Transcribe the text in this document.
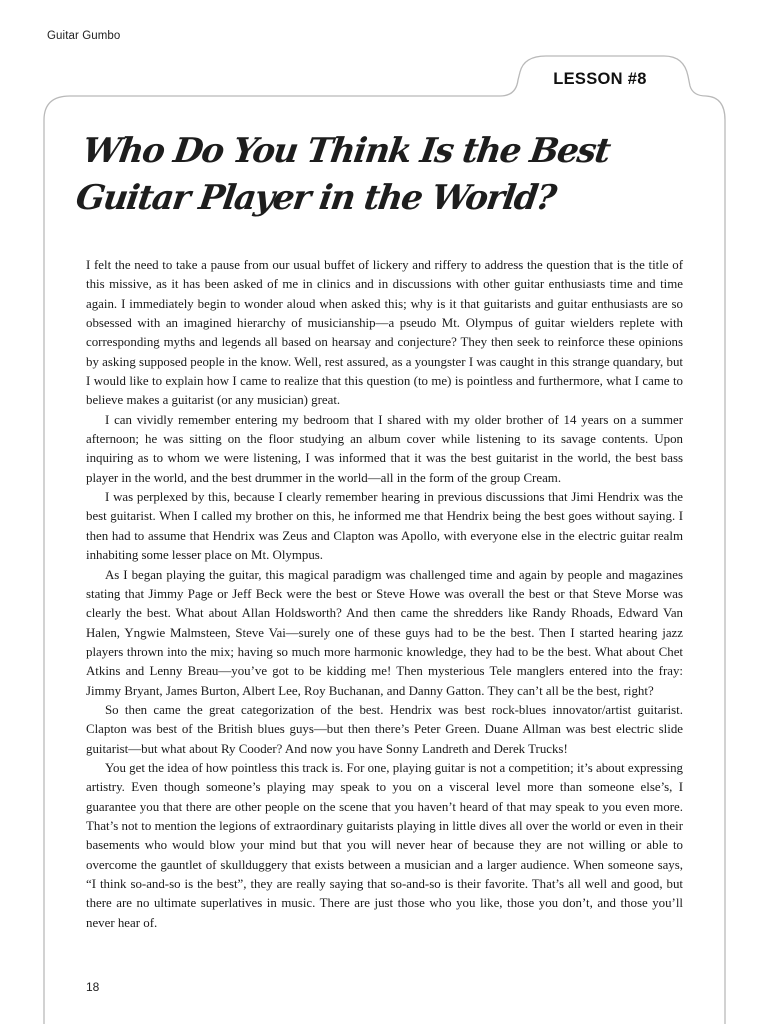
Guitar Gumbo
LESSON #8
Who Do You Think Is the Best
Guitar Player in the World?

I felt the need to take a pause from our usual buffet of lickery and riffery to address the question that is the title of this missive, as it has been asked of me in clinics and in discussions with other guitar enthusiasts time and time again. I immediately begin to wonder aloud when asked this; why is it that guitarists and guitar enthusiasts are so obsessed with an imagined hierarchy of musicianship—a pseudo Mt. Olympus of guitar wielders replete with corresponding myths and legends all based on hearsay and conjecture? They then seek to reinforce these opinions by asking supposed people in the know. Well, rest assured, as a youngster I was caught in this strange quandary, but I would like to explain how I came to realize that this question (to me) is pointless and furthermore, what I came to believe makes a guitarist (or any musician) great.

I can vividly remember entering my bedroom that I shared with my older brother of 14 years on a summer afternoon; he was sitting on the floor studying an album cover while listening to its savage contents. Upon inquiring as to whom we were listening, I was informed that it was the best guitarist in the world, the best bass player in the world, and the best drummer in the world—all in the form of the group Cream.

I was perplexed by this, because I clearly remember hearing in previous discussions that Jimi Hendrix was the best guitarist. When I called my brother on this, he informed me that Hendrix being the best goes without saying. I then had to assume that Hendrix was Zeus and Clapton was Apollo, with everyone else in the electric guitar realm inhabiting some lesser place on Mt. Olympus.

As I began playing the guitar, this magical paradigm was challenged time and again by people and magazines stating that Jimmy Page or Jeff Beck were the best or Steve Howe was overall the best or that Steve Morse was clearly the best. What about Allan Holdsworth? And then came the shredders like Randy Rhoads, Edward Van Halen, Yngwie Malmsteen, Steve Vai—surely one of these guys had to be the best. Then I started hearing jazz players thrown into the mix; having so much more harmonic knowledge, they had to be the best. What about Chet Atkins and Lenny Breau—you’ve got to be kidding me! Then mysterious Tele manglers entered into the fray: Jimmy Bryant, James Burton, Albert Lee, Roy Buchanan, and Danny Gatton. They can’t all be the best, right?

So then came the great categorization of the best. Hendrix was best rock-blues innovator/artist guitarist. Clapton was best of the British blues guys—but then there’s Peter Green. Duane Allman was best electric slide guitarist—but what about Ry Cooder? And now you have Sonny Landreth and Derek Trucks!

You get the idea of how pointless this track is. For one, playing guitar is not a competition; it’s about expressing artistry. Even though someone’s playing may speak to you on a visceral level more than someone else’s, I guarantee you that there are other people on the scene that you haven’t heard of that may speak to you even more. That’s not to mention the legions of extraordinary guitarists playing in little dives all over the world or even in their basements who would blow your mind but that you will never hear of because they are not willing or able to overcome the gauntlet of skullduggery that exists between a musician and a larger audience. When someone says, “I think so-and-so is the best”, they are really saying that so-and-so is their favorite. That’s all well and good, but there are no ultimate superlatives in music. There are just those who you like, those you don’t, and those you’ll never hear of.

18
